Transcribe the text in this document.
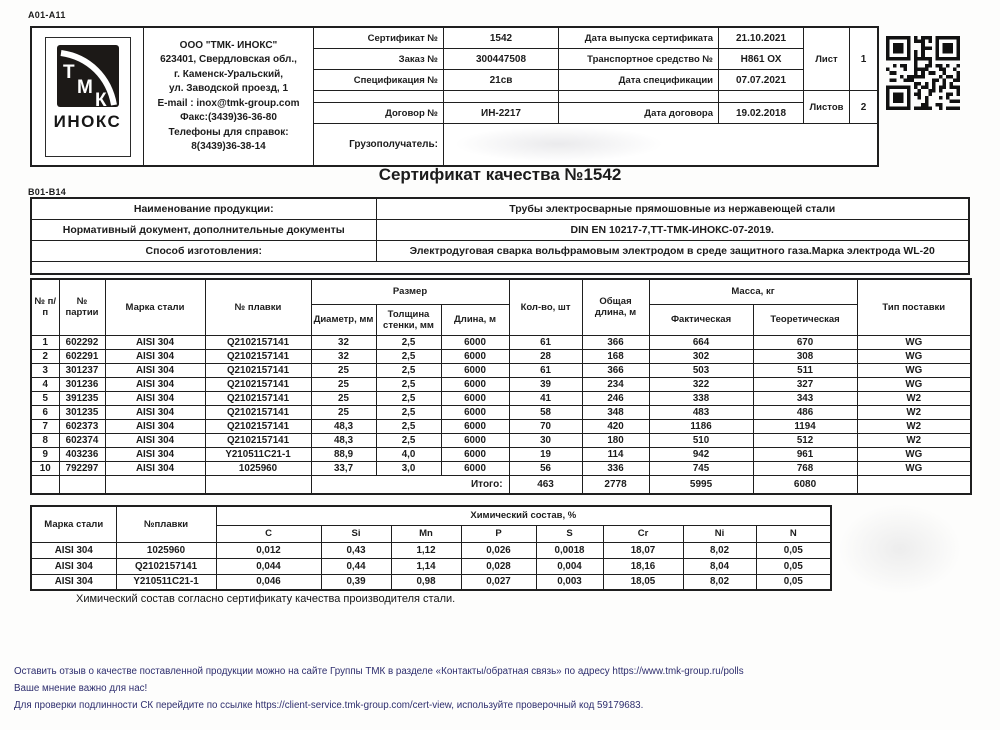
A01-A11
Т
М
К
ИНОКС
ООО "ТМК- ИНОКС"
623401, Свердловская обл.,
г. Каменск-Уральский,
ул. Заводской проезд, 1
E-mail : inox@tmk-group.com
Факс:(3439)36-36-80
Телефоны для справок:
8(3439)36-38-14
Лист	1
Листов	2
Грузополучатель:
Сертификат №	1542	Дата выпуска сертификата	21.10.2021
Заказ №	300447508	Транспортное средство №	Н861 ОХ
Спецификация №	21св	Дата спецификации	07.07.2021
Договор №	ИН-2217	Дата договора	19.02.2018
Сертификат качества №1542
B01-B14
Наименование продукции:	Трубы электросварные прямошовные из нержавеющей стали
Нормативный документ, дополнительные документы	DIN EN 10217-7,ТТ-ТМК-ИНОКС-07-2019.
Способ изготовления:	Электродуговая сварка вольфрамовым электродом в среде защитного газа.Марка электрода WL-20

№ п/п	№ партии	Марка стали	№ плавки	Размер			Кол-во, шт	Общая длина, м	Масса, кг		Тип поставки
				Диаметр, мм	Толщина стенки, мм	Длина, м			Фактическая	Теоретическая	
1	602292	AISI 304	Q2102157141	32	2,5	6000	61	366	664	670	WG
2	602291	AISI 304	Q2102157141	32	2,5	6000	28	168	302	308	WG
3	301237	AISI 304	Q2102157141	25	2,5	6000	61	366	503	511	WG
4	301236	AISI 304	Q2102157141	25	2,5	6000	39	234	322	327	WG
5	391235	AISI 304	Q2102157141	25	2,5	6000	41	246	338	343	W2
6	301235	AISI 304	Q2102157141	25	2,5	6000	58	348	483	486	W2
7	602373	AISI 304	Q2102157141	48,3	2,5	6000	70	420	1186	1194	W2
8	602374	AISI 304	Q2102157141	48,3	2,5	6000	30	180	510	512	W2
9	403236	AISI 304	Y210511C21-1	88,9	4,0	6000	19	114	942	961	WG
10	792297	AISI 304	1025960	33,7	3,0	6000	56	336	745	768	WG
				Итого:			463	2778	5995	6080	
Марка стали	№плавки	Химический состав, %							
		C	Si	Mn	P	S	Cr	Ni	N
AISI 304	1025960	0,012	0,43	1,12	0,026	0,0018	18,07	8,02	0,05
AISI 304	Q2102157141	0,044	0,44	1,14	0,028	0,004	18,16	8,04	0,05
AISI 304	Y210511C21-1	0,046	0,39	0,98	0,027	0,003	18,05	8,02	0,05
Химический состав согласно сертификату качества производителя стали.
Оставить отзыв о качестве поставленной продукции можно на сайте Группы ТМК в разделе «Контакты/обратная связь» по адресу https://www.tmk-group.ru/polls
Ваше мнение важно для нас!
Для проверки подлинности СК перейдите по ссылке https://client-service.tmk-group.com/cert-view, используйте проверочный код 59179683.
